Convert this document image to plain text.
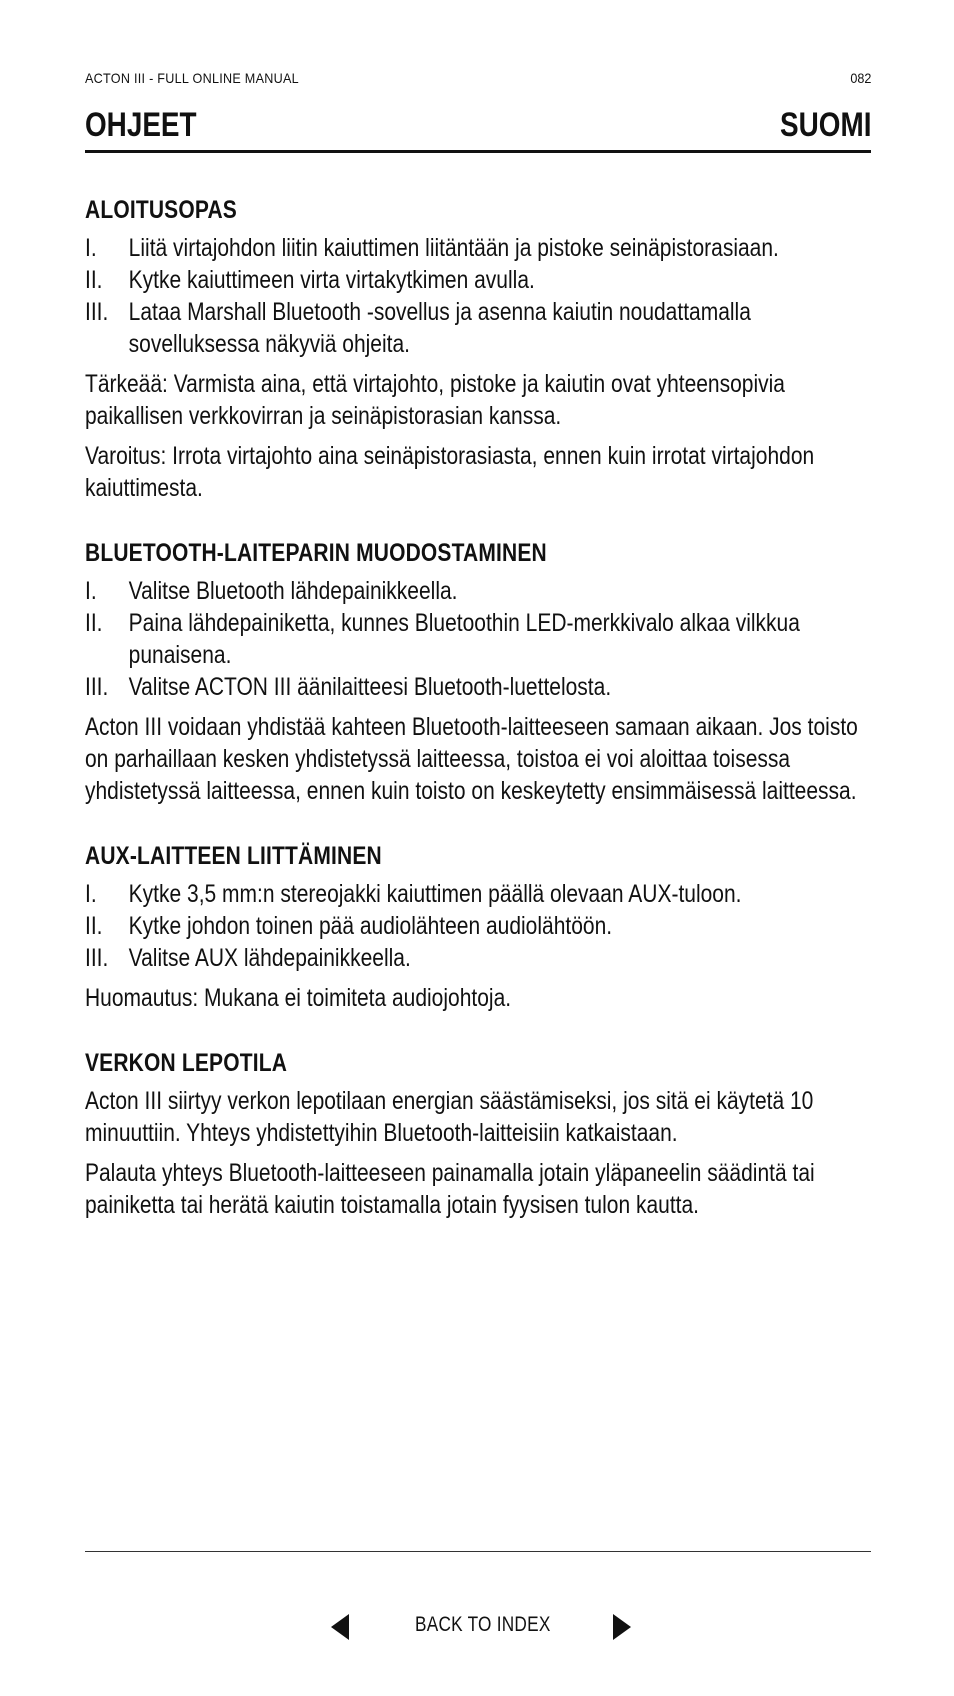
ACTON III - FULL ONLINE MANUAL	082
OHJEET	SUOMI
ALOITUSOPAS
I.	Liitä virtajohdon liitin kaiuttimen liitäntään ja pistoke seinäpistorasiaan.
II.	Kytke kaiuttimeen virta virtakytkimen avulla.
III. Lataa Marshall Bluetooth -sovellus ja asenna kaiutin noudattamalla sovelluksessa näkyviä ohjeita.

Tärkeää: Varmista aina, että virtajohto, pistoke ja kaiutin ovat yhteensopivia paikallisen verkkovirran ja seinäpistorasian kanssa.

Varoitus: Irrota virtajohto aina seinäpistorasiasta, ennen kuin irrotat virtajohdon kaiuttimesta.

BLUETOOTH-LAITEPARIN MUODOSTAMINEN
I.	Valitse Bluetooth lähdepainikkeella.
II.	Paina lähdepainiketta, kunnes Bluetoothin LED-merkkivalo alkaa vilkkua punaisena.
III. Valitse ACTON III äänilaitteesi Bluetooth-luettelosta.

Acton III voidaan yhdistää kahteen Bluetooth-laitteeseen samaan aikaan. Jos toisto on parhaillaan kesken yhdistetyssä laitteessa, toistoa ei voi aloittaa toisessa yhdistetyssä laitteessa, ennen kuin toisto on keskeytetty ensimmäisessä laitteessa.

AUX-LAITTEEN LIITTÄMINEN
I.	Kytke 3,5 mm:n stereojakki kaiuttimen päällä olevaan AUX-tuloon.
II.	Kytke johdon toinen pää audiolähteen audiolähtöön.
III. Valitse AUX lähdepainikkeella.

Huomautus: Mukana ei toimiteta audiojohtoja.

VERKON LEPOTILA

Acton III siirtyy verkon lepotilaan energian säästämiseksi, jos sitä ei käytetä 10 minuuttiin. Yhteys yhdistettyihin Bluetooth-laitteisiin katkaistaan.

Palauta yhteys Bluetooth-laitteeseen painamalla jotain yläpaneelin säädintä tai painiketta tai herätä kaiutin toistamalla jotain fyysisen tulon kautta.

BACK TO INDEX
